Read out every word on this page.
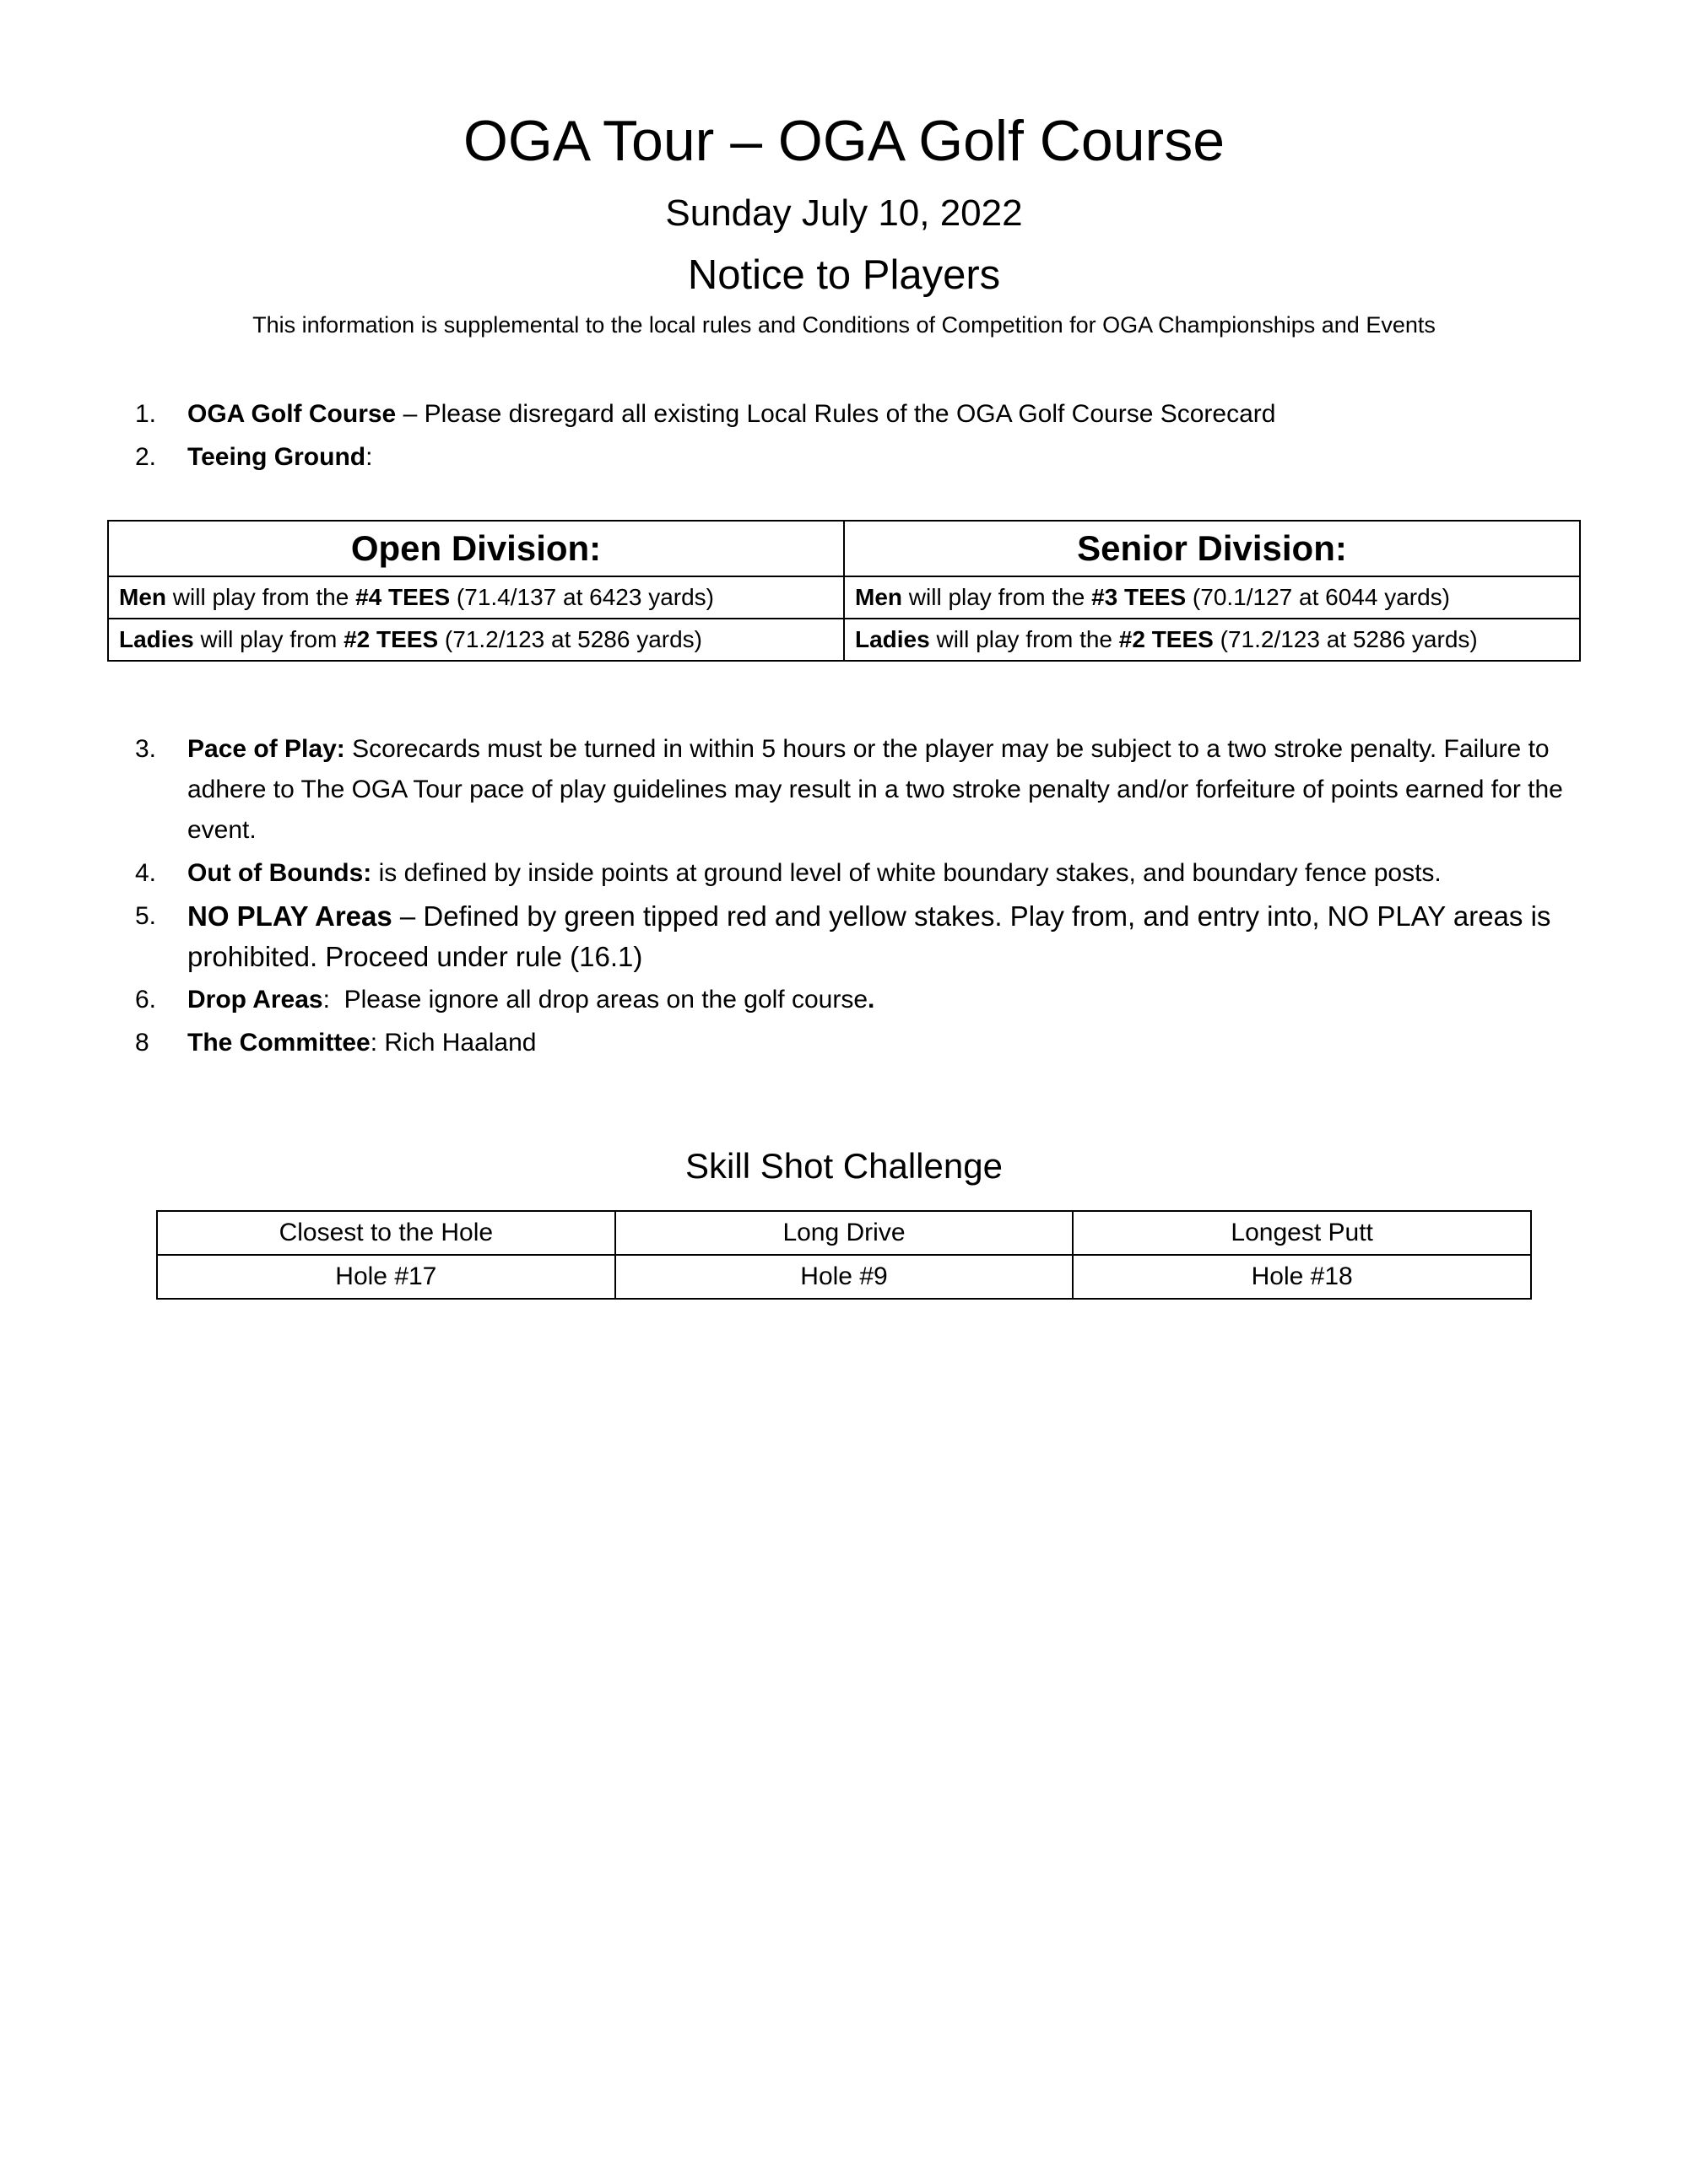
OGA Tour – OGA Golf Course
Sunday July 10, 2022
Notice to Players
This information is supplemental to the local rules and Conditions of Competition for OGA Championships and Events
1.	OGA Golf Course – Please disregard all existing Local Rules of the OGA Golf Course Scorecard
2.	Teeing Ground:
Open Division:	Senior Division:
Men will play from the #4 TEES (71.4/137 at 6423 yards)	Men will play from the #3 TEES (70.1/127 at 6044 yards)
Ladies will play from #2 TEES (71.2/123 at 5286 yards)	Ladies will play from the #2 TEES (71.2/123 at 5286 yards)
3.	Pace of Play: Scorecards must be turned in within 5 hours or the player may be subject to a two stroke penalty. Failure to adhere to The OGA Tour pace of play guidelines may result in a two stroke penalty and/or forfeiture of points earned for the event.
4.	Out of Bounds: is defined by inside points at ground level of white boundary stakes, and boundary fence posts.
5.	NO PLAY Areas – Defined by green tipped red and yellow stakes. Play from, and entry into, NO PLAY areas is prohibited. Proceed under rule (16.1)
6.	Drop Areas:  Please ignore all drop areas on the golf course.
8	The Committee: Rich Haaland
Skill Shot Challenge
Closest to the Hole	Long Drive	Longest Putt
Hole #17	Hole #9	Hole #18
